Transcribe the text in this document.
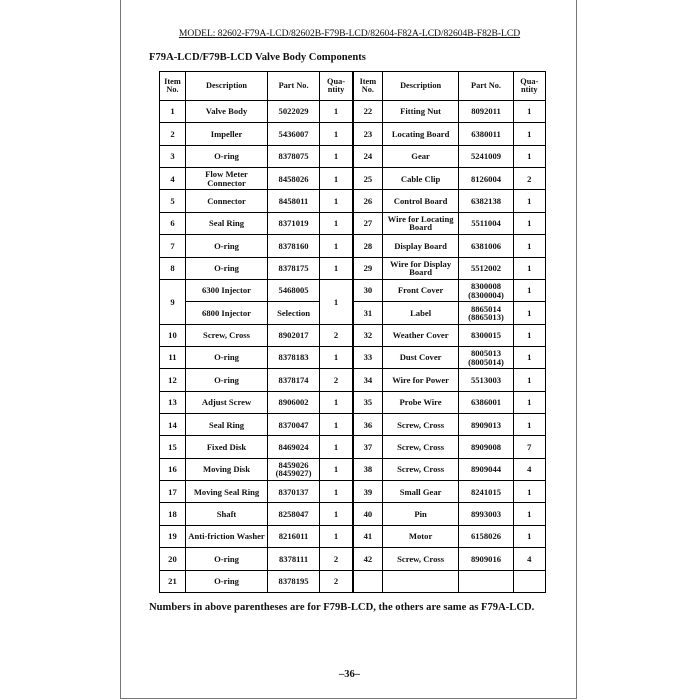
MODEL: 82602-F79A-LCD/82602B-F79B-LCD/82604-F82A-LCD/82604B-F82B-LCD
F79A-LCD/F79B-LCD Valve Body Components
Item No.	Description	Part No.	Qua-ntity	Item No.	Description	Part No.	Qua-ntity
1	Valve Body	5022029	1	22	Fitting Nut	8092011	1
2	Impeller	5436007	1	23	Locating Board	6380011	1
3	O-ring	8378075	1	24	Gear	5241009	1
4	Flow Meter Connector	8458026	1	25	Cable Clip	8126004	2
5	Connector	8458011	1	26	Control Board	6382138	1
6	Seal Ring	8371019	1	27	Wire for Locating Board	5511004	1
7	O-ring	8378160	1	28	Display Board	6381006	1
8	O-ring	8378175	1	29	Wire for Display Board	5512002	1
9	6300 Injector	5468005	1	30	Front Cover	8300008 (8300004)	1
	6800 Injector	Selection		31	Label	8865014 (8865013)	1
10	Screw, Cross	8902017	2	32	Weather Cover	8300015	1
11	O-ring	8378183	1	33	Dust Cover	8005013 (8005014)	1
12	O-ring	8378174	2	34	Wire for Power	5513003	1
13	Adjust Screw	8906002	1	35	Probe Wire	6386001	1
14	Seal Ring	8370047	1	36	Screw, Cross	8909013	1
15	Fixed Disk	8469024	1	37	Screw, Cross	8909008	7
16	Moving Disk	8459026 (8459027)	1	38	Screw, Cross	8909044	4
17	Moving Seal Ring	8370137	1	39	Small Gear	8241015	1
18	Shaft	8258047	1	40	Pin	8993003	1
19	Anti-friction Washer	8216011	1	41	Motor	6158026	1
20	O-ring	8378111	2	42	Screw, Cross	8909016	4
21	O-ring	8378195	2				
Numbers in above parentheses are for F79B-LCD, the others are same as F79A-LCD.
–36–
